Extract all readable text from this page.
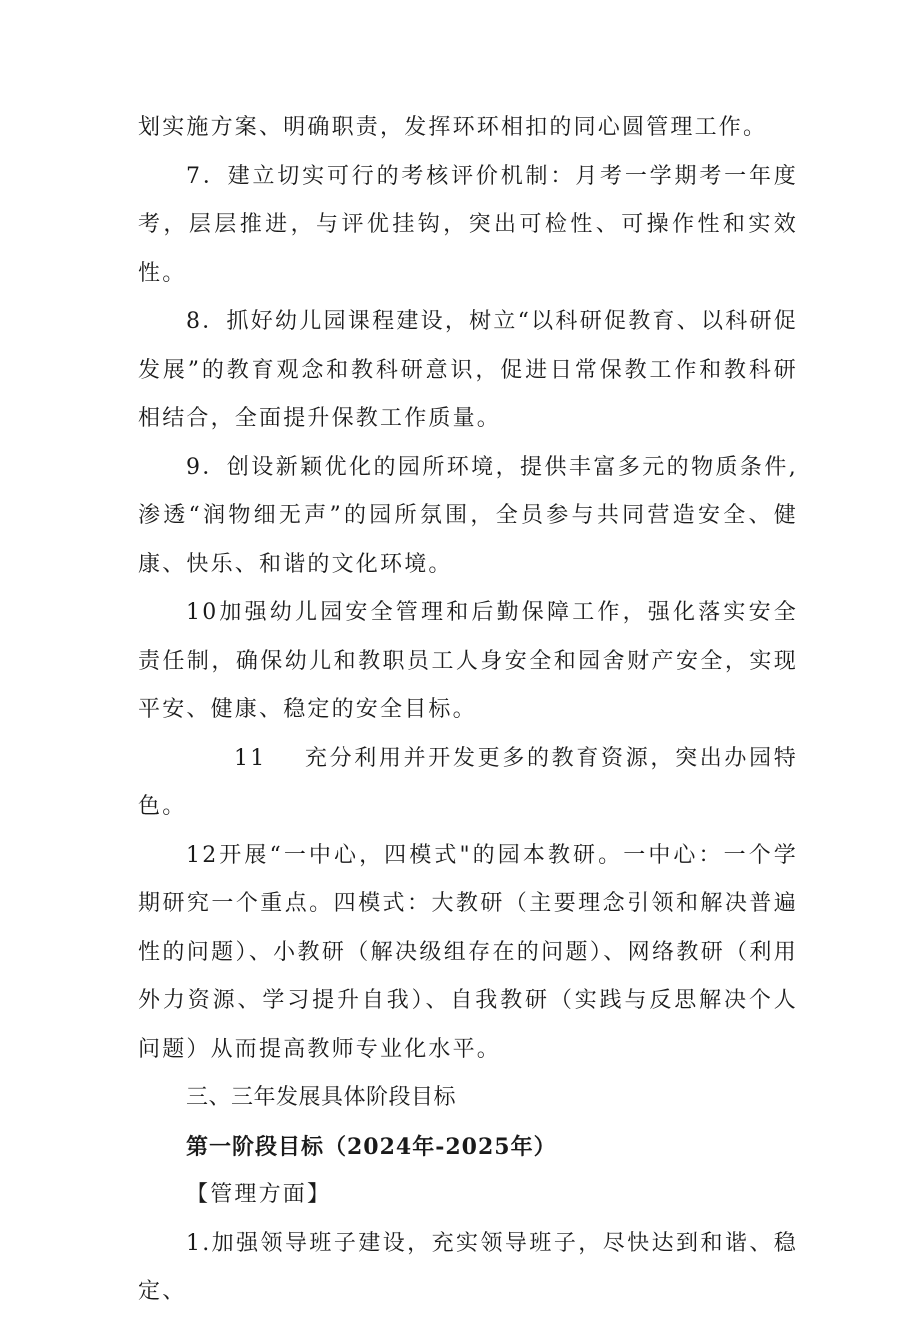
划实施方案、明确职责，发挥环环相扣的同心圆管理工作。

7．建立切实可行的考核评价机制：月考一学期考一年度考，层层推进，与评优挂钩，突出可检性、可操作性和实效性。

8．抓好幼儿园课程建设，树立“以科研促教育、以科研促发展”的教育观念和教科研意识，促进日常保教工作和教科研相结合，全面提升保教工作质量。

9．创设新颖优化的园所环境，提供丰富多元的物质条件,渗透“润物细无声”的园所氛围，全员参与共同营造安全、健康、快乐、和谐的文化环境。

10加强幼儿园安全管理和后勤保障工作，强化落实安全责任制，确保幼儿和教职员工人身安全和园舍财产安全，实现平安、健康、稳定的安全目标。

11 充分利用并开发更多的教育资源，突出办园特色。

12开展“一中心，四模式"的园本教研。一中心：一个学期研究一个重点。四模式：大教研（主要理念引领和解决普遍性的问题）、小教研（解决级组存在的问题）、网络教研（利用外力资源、学习提升自我）、自我教研（实践与反思解决个人问题）从而提高教师专业化水平。

三、三年发展具体阶段目标

第一阶段目标（2024年-2025年）

【管理方面】

1.加强领导班子建设，充实领导班子，尽快达到和谐、稳定、
